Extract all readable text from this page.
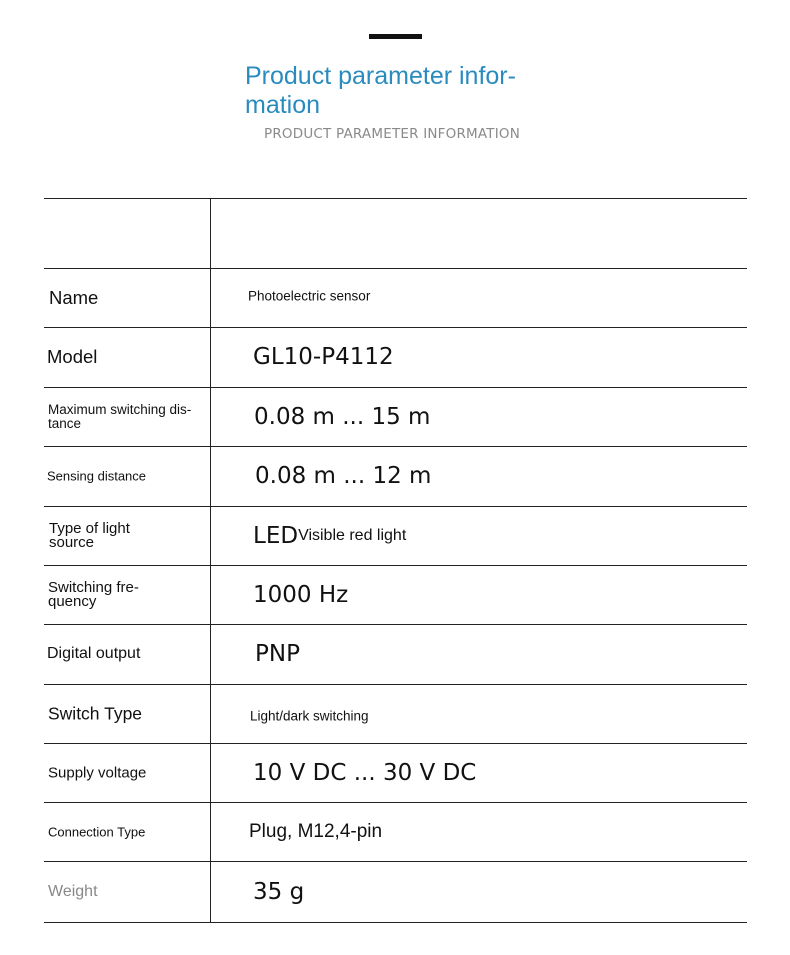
Product parameter infor-mation
PRODUCT PARAMETER INFORMATION
Name	Photoelectric sensor
Model	GL10-P4112
Maximum switching dis-tance	0.08 m ... 15 m
Sensing distance	0.08 m ... 12 m
Type of light source	LEDVisible red light
Switching fre-quency	1000 Hz
Digital output	PNP
Switch Type	Light/dark switching
Supply voltage	10 V DC ... 30 V DC
Connection Type	Plug, M12,4-pin
Weight	35 g
